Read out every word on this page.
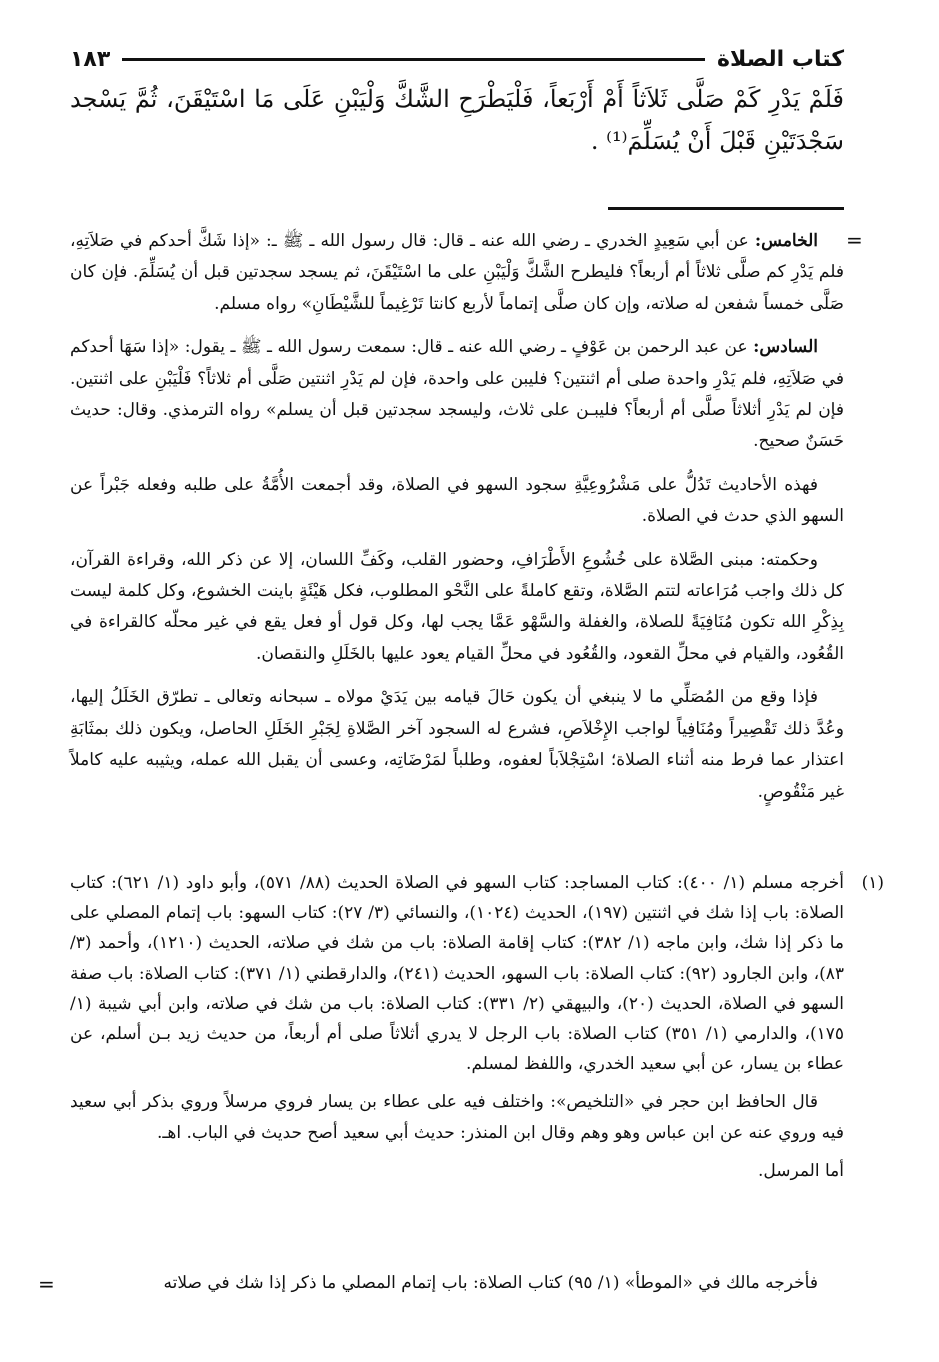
كتاب الصلاة
١٨٣
فَلَمْ يَدْرِ كَمْ صَلَّى ثَلاَثاً أَمْ أَرْبَعاً، فَلْيَطْرَحِ الشَّكَّ وَلْيَبْنِ عَلَى مَا اسْتَيْقَنَ، ثُمَّ يَسْجد سَجْدَتَيْنِ قَبْلَ أَنْ يُسَلِّمَ⁽¹⁾ .
=

الخامس: عن أبي سَعِيدٍ الخدري ـ رضي الله عنه ـ قال: قال رسول الله ـ ﷺ ـ: «إذا شَكَّ أحدكم في صَلاَتِهِ، فلم يَدْرِ كم صلَّى ثلاثاً أم أربعاً؟ فليطرح الشَّكَّ وَلْيَبْنِ على ما اسْتَيْقَنَ، ثم يسجد سجدتين قبل أن يُسَلِّمَ. فإن كان صَلَّى خمساً شفعن له صلاته، وإن كان صلَّى إتماماً لأربع كانتا تَرْغِيماً للشَّيْطَانِ» رواه مسلم.

السادس: عن عبد الرحمن بن عَوْفٍ ـ رضي الله عنه ـ قال: سمعت رسول الله ـ ﷺ ـ يقول: «إذا سَهَا أحدكم في صَلاَتِهِ، فلم يَدْرِ واحدة صلى أم اثنتين؟ فليبن على واحدة، فإن لم يَدْرِ اثنتين صَلَّى أم ثلاثاً؟ فَلْيَبْنِ على اثنتين. فإن لم يَدْرِ أثلاثاً صلَّى أم أربعاً؟ فليبـن على ثلاث، وليسجد سجدتين قبل أن يسلم» رواه الترمذي. وقال: حديث حَسَنٌ صحيح.

فهذه الأحاديث تَدُلُّ على مَشْرُوعِيَّةِ سجود السهو في الصلاة، وقد أجمعت الأُمَّةُ على طلبه وفعله جَبْراً عن السهو الذي حدث في الصلاة.

وحكمته: مبنى الصَّلاة على خُشُوعِ الأَطْرَافِ، وحضور القلب، وكَفِّ اللسان، إلا عن ذكر الله، وقراءة القرآن، كل ذلك واجب مُرَاعاته لتتم الصَّلاة، وتقع كاملةً على النَّحْو المطلوب، فكل هَيْئَةٍ باينت الخشوع، وكل كلمة ليست بِذِكْرِ الله تكون مُنَافِيَةً للصلاة، والغفلة والسَّهْو عَمَّا يجب لها، وكل قول أو فعل يقع في غير محلّه كالقراءة في القُعُود، والقيام في محلِّ القعود، والقُعُود في محلِّ القيام يعود عليها بالخَلَلِ والنقصان.

فإذا وقع من المُصَلِّي ما لا ينبغي أن يكون حَالَ قيامه بين يَدَيْ مولاه ـ سبحانه وتعالى ـ تطرّق الخَلَلُ إليها، وعُدَّ ذلك تَقْصِيراً ومُنَافِياً لواجب الإِخْلاَصِ، فشرع له السجود آخر الصَّلاةِ لِجَبْرِ الخَلَلِ الحاصل، ويكون ذلك بمثَابَةِ اعتذار عما فرط منه أثناء الصلاة؛ اسْتِجْلاَباً لعفوه، وطلباً لمَرْضَاتِه، وعسى أن يقبل الله عمله، ويثيبه عليه كاملاً غير مَنْقُوصٍ.

(١)

أخرجه مسلم (١/ ٤٠٠): كتاب المساجد: كتاب السهو في الصلاة الحديث (٨٨/ ٥٧١)، وأبو داود (١/ ٦٢١): كتاب الصلاة: باب إذا شك في اثنتين (١٩٧)، الحديث (١٠٢٤)، والنسائي (٣/ ٢٧): كتاب السهو: باب إتمام المصلي على ما ذكر إذا شك، وابن ماجه (١/ ٣٨٢): كتاب إقامة الصلاة: باب من شك في صلاته، الحديث (١٢١٠)، وأحمد (٣/ ٨٣)، وابن الجارود (٩٢): كتاب الصلاة: باب السهو، الحديث (٢٤١)، والدارقطني (١/ ٣٧١): كتاب الصلاة: باب صفة السهو في الصلاة، الحديث (٢٠)، والبيهقي (٢/ ٣٣١): كتاب الصلاة: باب من شك في صلاته، وابن أبي شيبة (١/ ١٧٥)، والدارمي (١/ ٣٥١) كتاب الصلاة: باب الرجل لا يدري أثلاثاً صلى أم أربعاً، من حديث زيد بـن أسلم، عن عطاء بن يسار، عن أبي سعيد الخدري، واللفظ لمسلم.

قال الحافظ ابن حجر في «التلخيص»: واختلف فيه على عطاء بن يسار فروي مرسلاً وروي بذكر أبي سعيد فيه وروي عنه عن ابن عباس وهو وهم وقال ابن المنذر: حديث أبي سعيد أصح حديث في الباب. اهـ.

أما المرسل.

فأخرجه مالك في «الموطأ» (١/ ٩٥) كتاب الصلاة: باب إتمام المصلي ما ذكر إذا شك في صلاته
=
